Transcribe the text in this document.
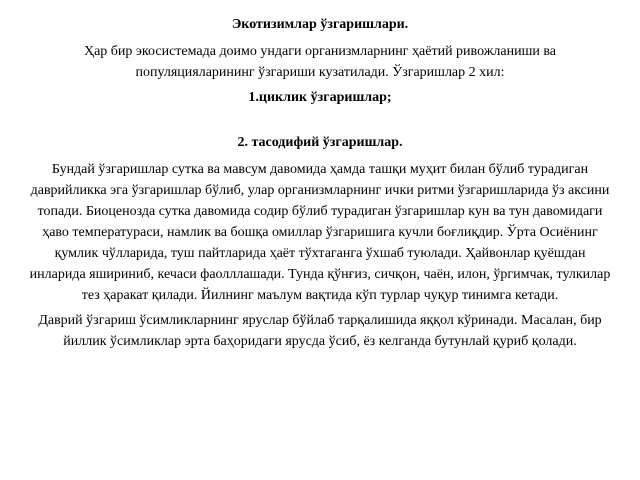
Экотизимлар ўзгаришлари.

Ҳар бир экосистемада доимо ундаги организмларнинг ҳаётий ривожланиши ва популяцияларининг ўзгариши кузатилади. Ўзгаришлар 2 хил:

1.циклик ўзгаришлар;

2. тасодифий ўзгаришлар.

Бундай ўзгаришлар сутка ва мавсум давомида ҳамда ташқи муҳит билан бўлиб турадиган даврийликка эга ўзгаришлар бўлиб, улар организмларнинг ички ритми ўзгаришларида ўз аксини топади. Биоценозда сутка давомида содир бўлиб турадиган ўзгаришлар кун ва тун давомидаги ҳаво температураси, намлик ва бошқа омиллар ўзгаришига кучли боғлиқдир. Ўрта Осиёнинг қумлик чўлларида, туш пайтларида ҳаёт тўхтаганга ўхшаб туюлади. Ҳайвонлар қуёшдан инларида яшириниб, кечаси фаолллашади. Тунда қўнғиз, сичқон, чаён, илон, ўргимчак, тулкилар тез ҳаракат қилади. Йилнинг маълум вақтида кўп турлар чуқур тинимга кетади.

Даврий ўзгариш ўсимликларнинг яруслар бўйлаб тарқалишида яққол кўринади. Масалан, бир йиллик ўсимликлар эрта баҳоридаги ярусда ўсиб, ёз келганда бутунлай қуриб қолади.
